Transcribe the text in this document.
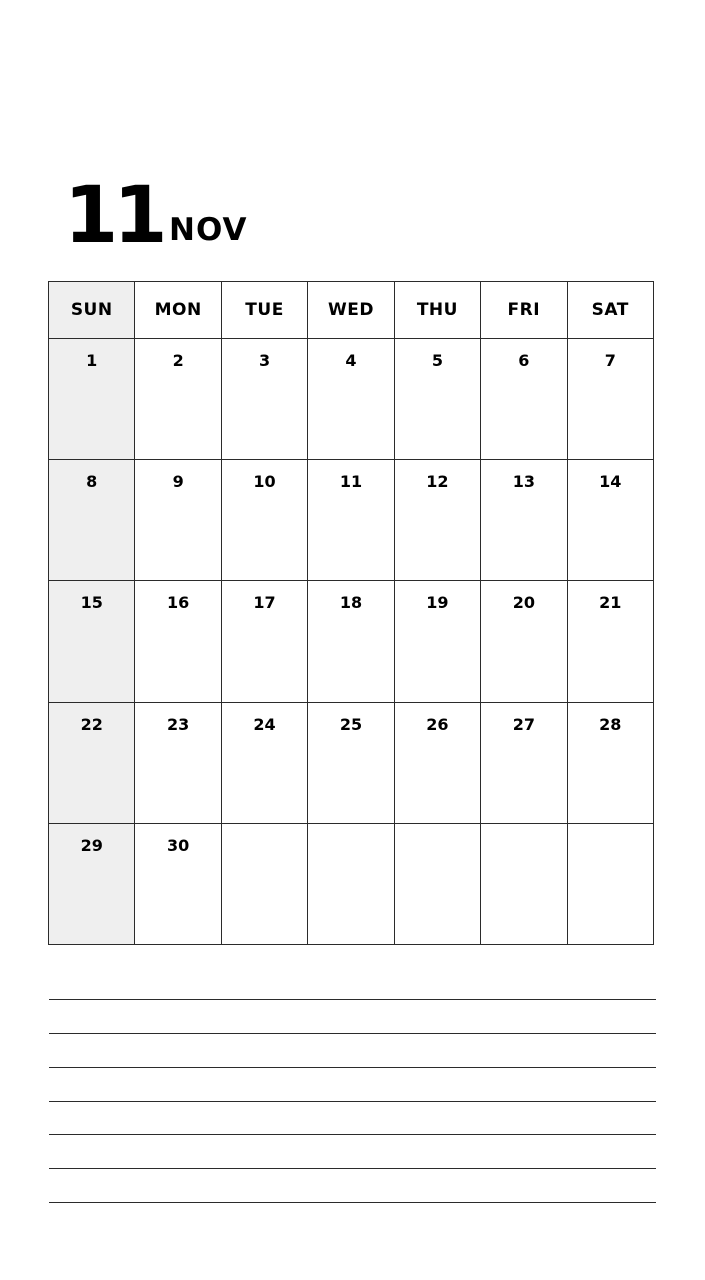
11 NOV
SUN	MON	TUE	WED	THU	FRI	SAT

1	2	3	4	5	6	7

8	9	10	11	12	13	14

15	16	17	18	19	20	21

22	23	24	25	26	27	28

29	30					
